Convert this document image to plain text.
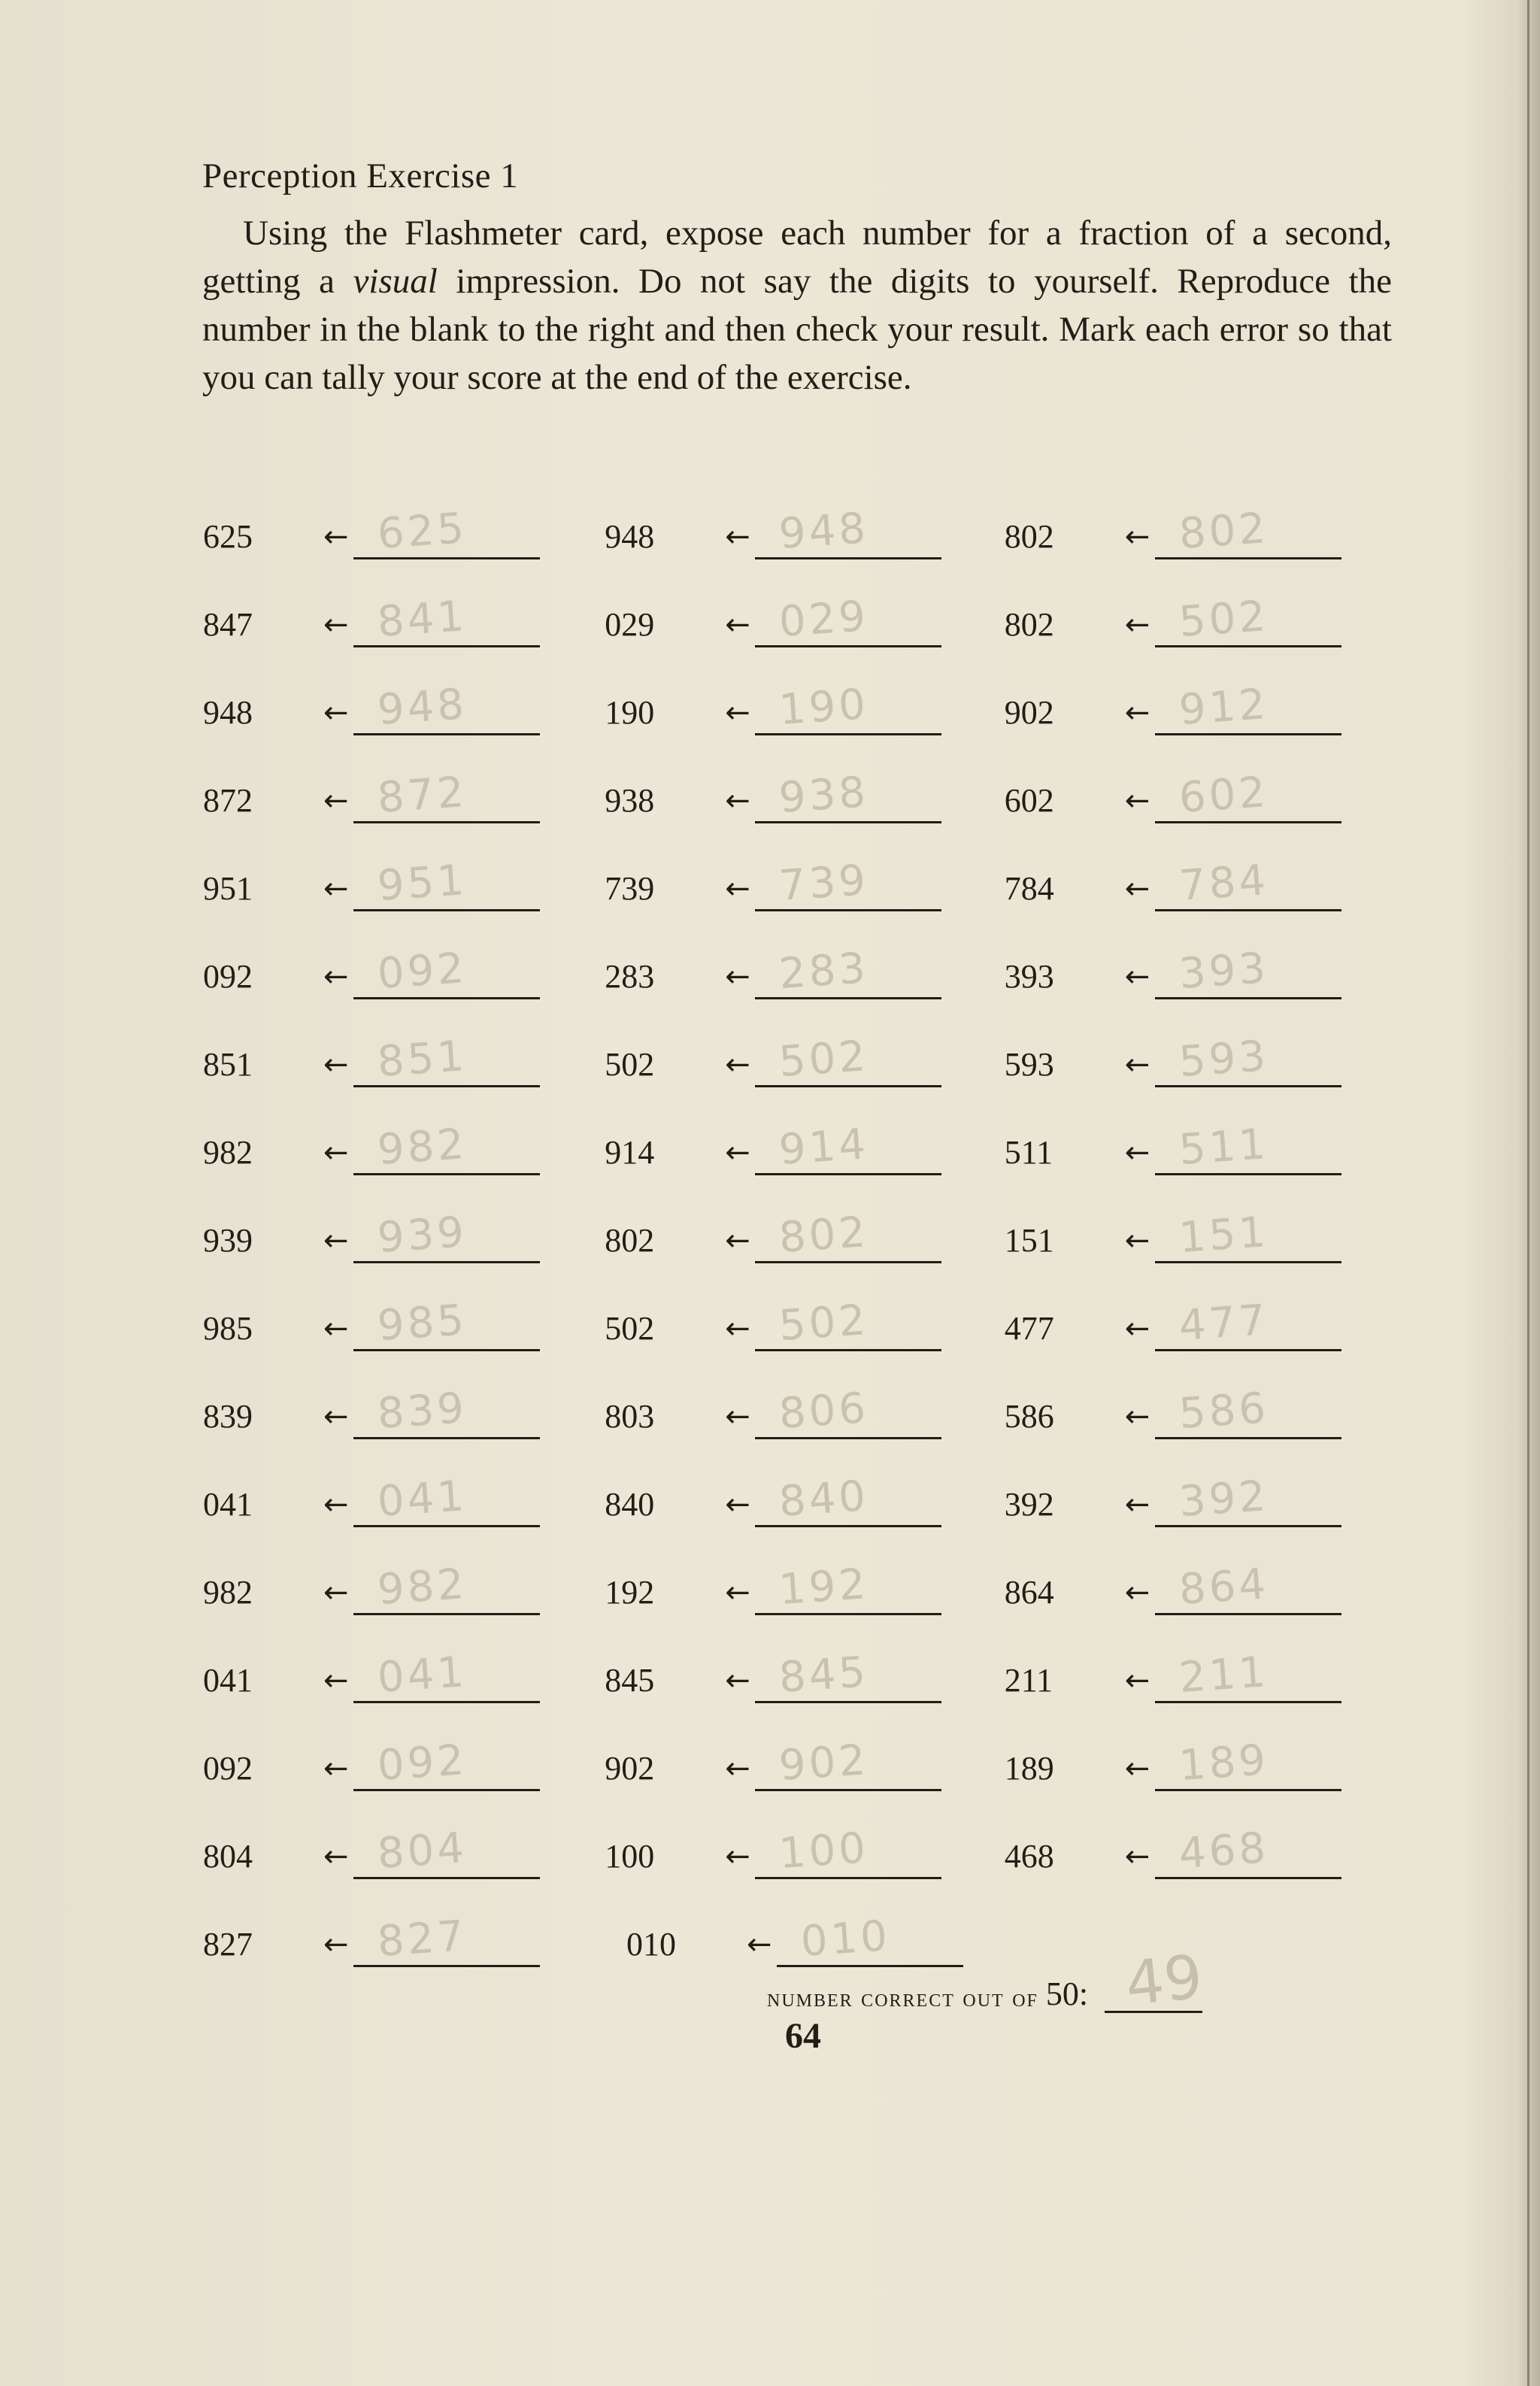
Perception Exercise 1
Using the Flashmeter card, expose each number for a fraction of a second, getting a visual impression. Do not say the digits to yourself. Reproduce the number in the blank to the right and then check your result. Mark each error so that you can tally your score at the end of the exercise.
625	← 625	948	← 948	802	← 802
847	← 841	029	← 029	802	← 502
948	← 948	190	← 190	902	← 912
872	← 872	938	← 938	602	← 602
951	← 951	739	← 739	784	← 784
092	← 092	283	← 283	393	← 393
851	← 851	502	← 502	593	← 593
982	← 982	914	← 914	511	← 511
939	← 939	802	← 802	151	← 151
985	← 985	502	← 502	477	← 477
839	← 839	803	← 806	586	← 586
041	← 041	840	← 840	392	← 392
982	← 982	192	← 192	864	← 864
041	← 041	845	← 845	211	← 211
092	← 092	902	← 902	189	← 189
804	← 804	100	← 100	468	← 468
827	← 827	010	← 010
number correct out of 50: 49
64
